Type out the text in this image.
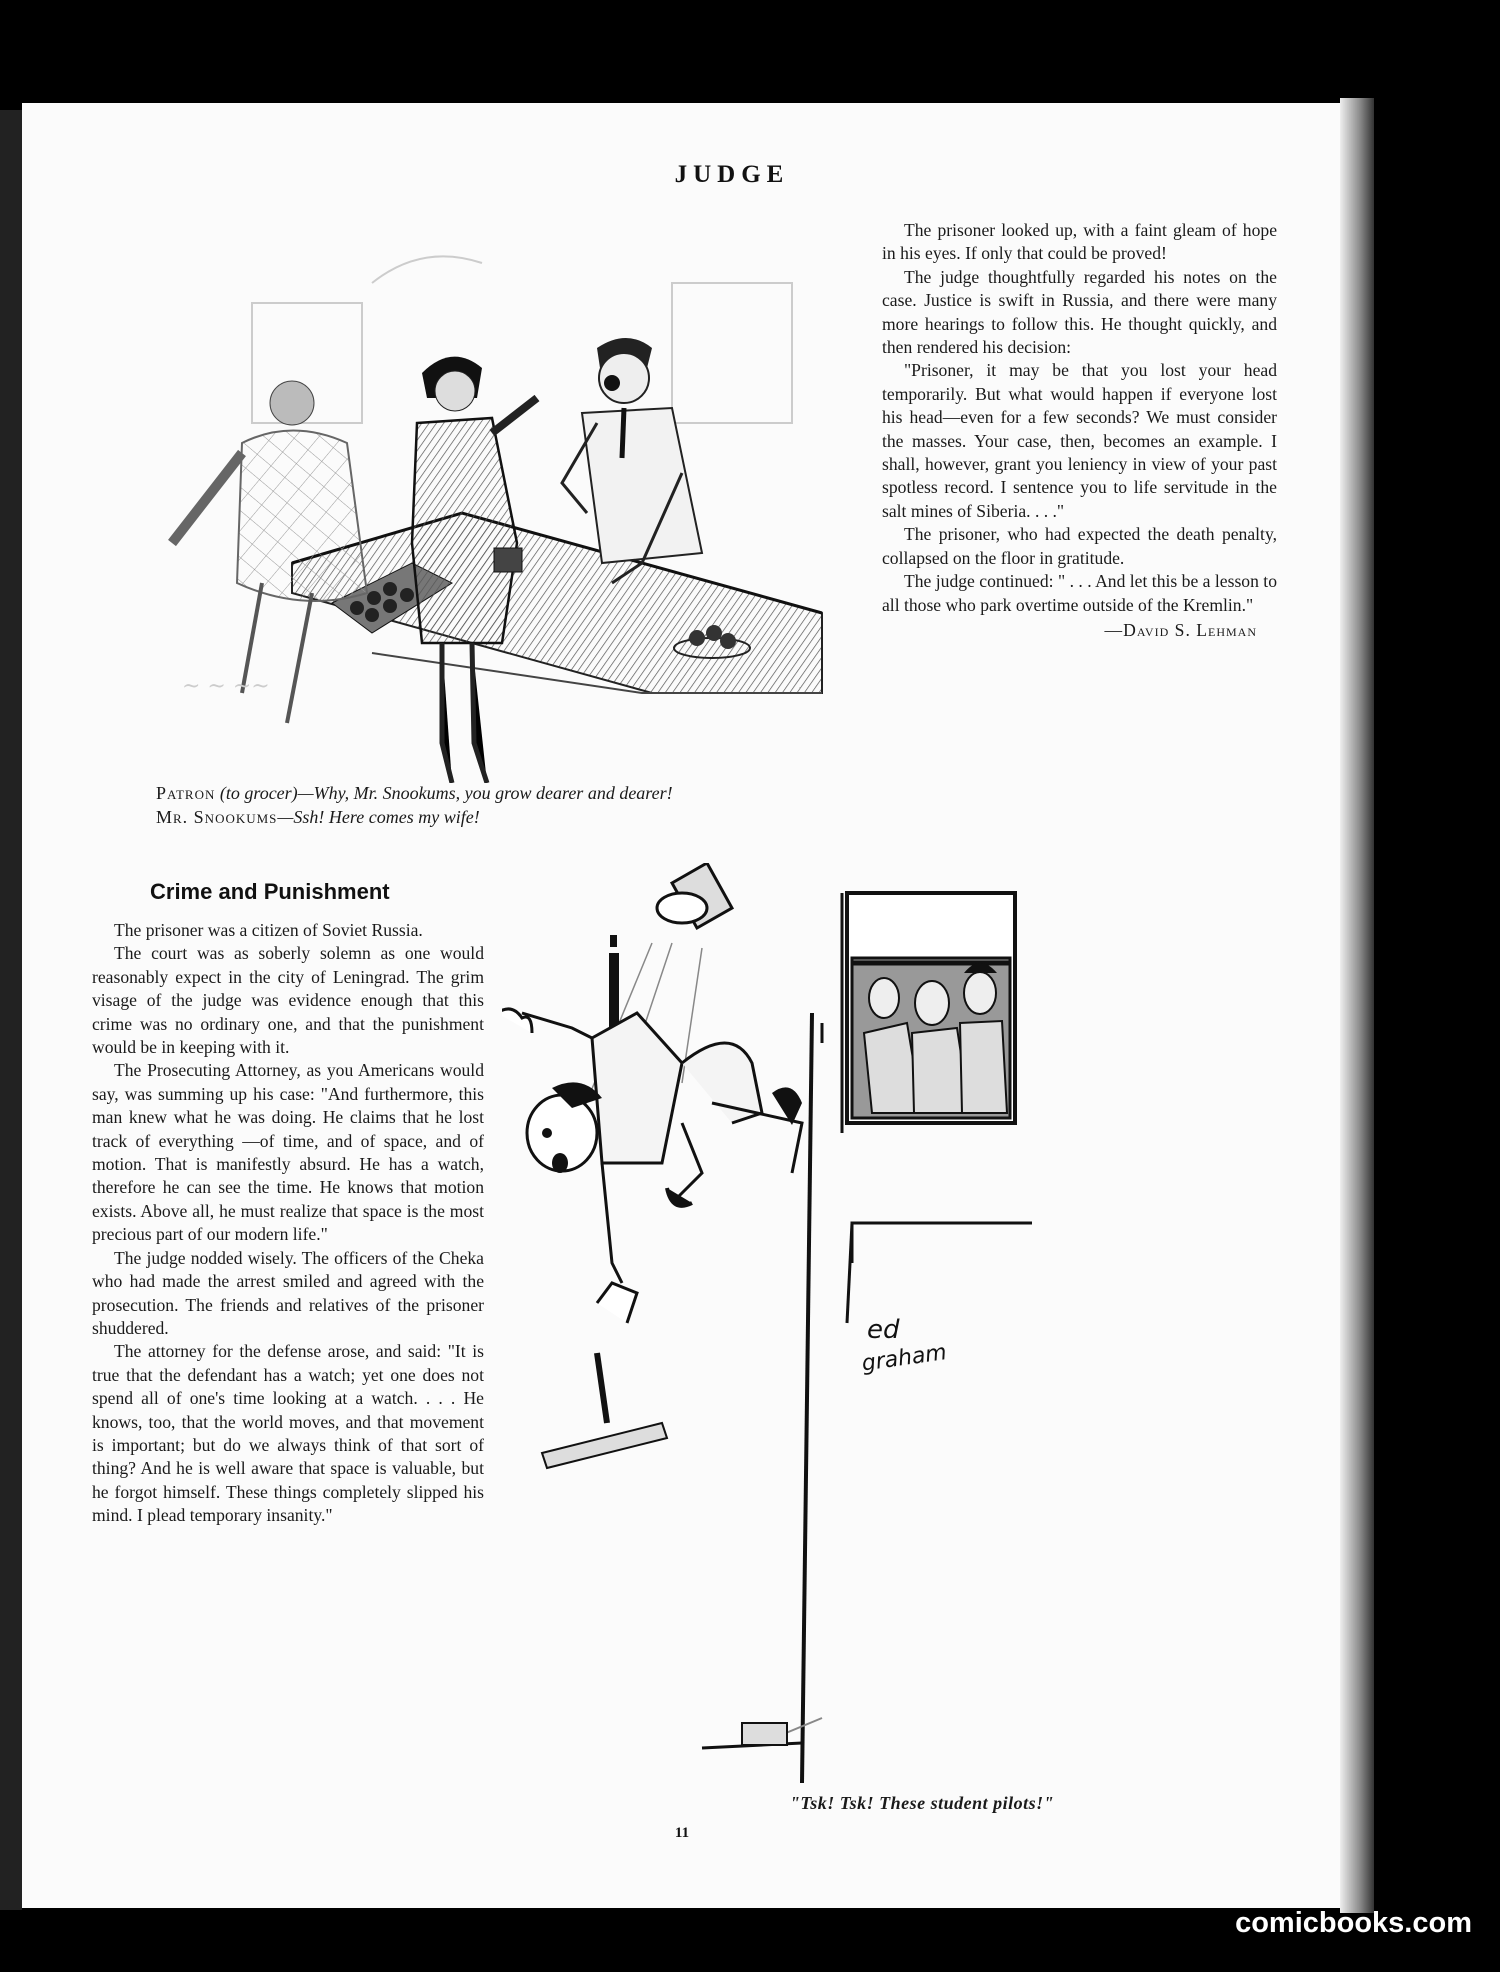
JUDGE
~ ~ ~~

Patron (to grocer)—Why, Mr. Snookums, you grow dearer and dearer!

Mr. Snookums—Ssh! Here comes my wife!

The prisoner looked up, with a faint gleam of hope in his eyes. If only that could be proved!

The judge thoughtfully regarded his notes on the case. Justice is swift in Russia, and there were many more hearings to follow this. He thought quickly, and then rendered his decision:

"Prisoner, it may be that you lost your head temporarily. But what would happen if everyone lost his head—even for a few seconds? We must consider the masses. Your case, then, becomes an example. I shall, however, grant you leniency in view of your past spotless record. I sentence you to life servitude in the salt mines of Siberia. . . ."

The prisoner, who had expected the death penalty, collapsed on the floor in gratitude.

The judge continued: " . . . And let this be a lesson to all those who park overtime outside of the Kremlin."

—David S. Lehman
Crime and Punishment

The prisoner was a citizen of Soviet Russia.

The court was as soberly solemn as one would reasonably expect in the city of Leningrad. The grim visage of the judge was evidence enough that this crime was no ordinary one, and that the punishment would be in keeping with it.

The Prosecuting Attorney, as you Americans would say, was summing up his case: "And furthermore, this man knew what he was doing. He claims that he lost track of everything —of time, and of space, and of motion. That is manifestly absurd. He has a watch, therefore he can see the time. He knows that motion exists. Above all, he must realize that space is the most precious part of our modern life."

The judge nodded wisely. The officers of the Cheka who had made the arrest smiled and agreed with the prosecution. The friends and relatives of the prisoner shuddered.

The attorney for the defense arose, and said: "It is true that the defendant has a watch; yet one does not spend all of one's time looking at a watch. . . . He knows, too, that the world moves, and that movement is important; but do we always think of that sort of thing? And he is well aware that space is valuable, but he forgot himself. These things completely slipped his mind. I plead temporary insanity."

ed
graham
"Tsk! Tsk! These student pilots!"
11
comicbooks.com
